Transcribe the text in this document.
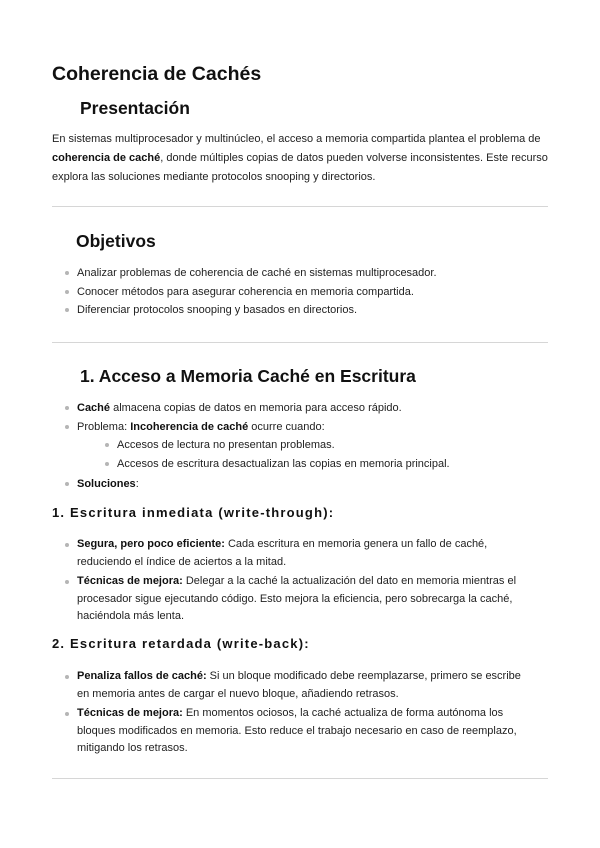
Coherencia de Cachés
Presentación

En sistemas multiprocesador y multinúcleo, el acceso a memoria compartida plantea el problema de coherencia de caché, donde múltiples copias de datos pueden volverse inconsistentes. Este recurso explora las soluciones mediante protocolos snooping y directorios.

Objetivos
Analizar problemas de coherencia de caché en sistemas multiprocesador.
Conocer métodos para asegurar coherencia en memoria compartida.
Diferenciar protocolos snooping y basados en directorios.
1. Acceso a Memoria Caché en Escritura
Caché almacena copias de datos en memoria para acceso rápido.
Problema: Incoherencia de caché ocurre cuando:
Accesos de lectura no presentan problemas.
Accesos de escritura desactualizan las copias en memoria principal.
Soluciones:
1. Escritura inmediata (write-through):
Segura, pero poco eficiente: Cada escritura en memoria genera un fallo de caché, reduciendo el índice de aciertos a la mitad.
Técnicas de mejora: Delegar a la caché la actualización del dato en memoria mientras el procesador sigue ejecutando código. Esto mejora la eficiencia, pero sobrecarga la caché, haciéndola más lenta.
2. Escritura retardada (write-back):
Penaliza fallos de caché: Si un bloque modificado debe reemplazarse, primero se escribe en memoria antes de cargar el nuevo bloque, añadiendo retrasos.
Técnicas de mejora: En momentos ociosos, la caché actualiza de forma autónoma los bloques modificados en memoria. Esto reduce el trabajo necesario en caso de reemplazo, mitigando los retrasos.
